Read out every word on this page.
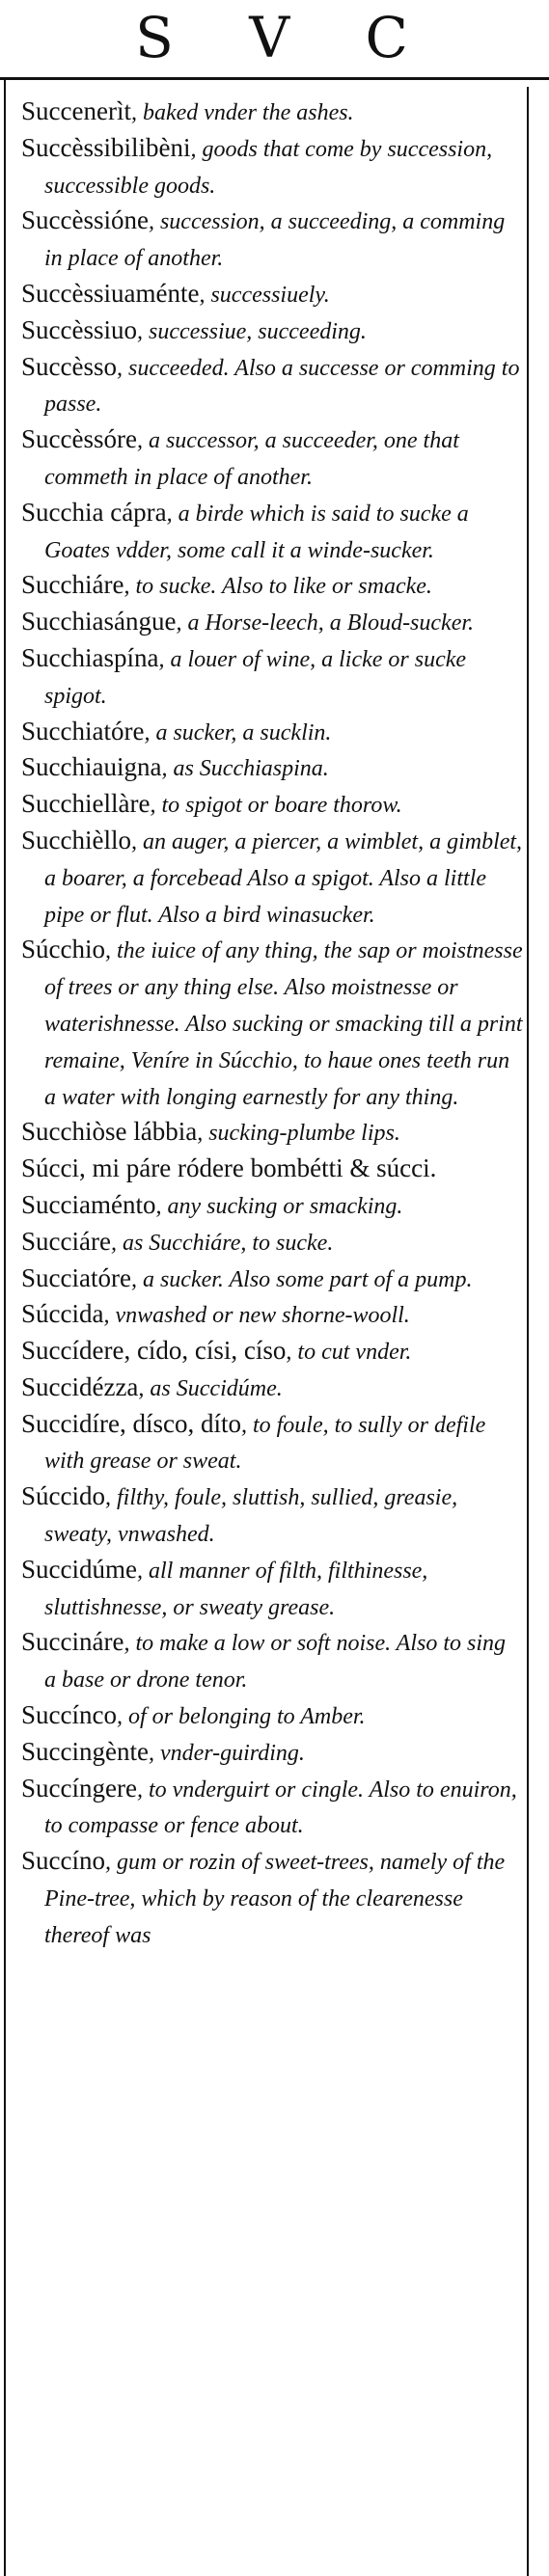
S V C

Succenerìt, baked vnder the ashes.

Succèssibilibèni, goods that come by succession, successible goods.

Succèssióne, succession, a succeeding, a comming in place of another.

Succèssiuaménte, successiuely.

Succèssiuo, successiue, succeeding.

Succèsso, succeeded. Also a successe or comming to passe.

Succèssóre, a successor, a succeeder, one that commeth in place of another.

Succhia cápra, a birde which is said to sucke a Goates vdder, some call it a winde-sucker.

Succhiáre, to sucke. Also to like or smacke.

Succhiasángue, a Horse-leech, a Bloud-sucker.

Succhiaspína, a louer of wine, a licke or sucke spigot.

Succhiatóre, a sucker, a sucklin.

Succhiauigna, as Succhiaspina.

Succhiellàre, to spigot or boare thorow.

Succhièllo, an auger, a piercer, a wimblet, a gimblet, a boarer, a forcebead Also a spigot. Also a little pipe or flut. Also a bird winasucker.

Súcchio, the iuice of any thing, the sap or moistnesse of trees or any thing else. Also moistnesse or waterishnesse. Also sucking or smacking till a print remaine, Veníre in Súcchio, to haue ones teeth run a water with longing earnestly for any thing.

Succhiòse lábbia, sucking-plumbe lips.

Súcci, mi páre ródere bombétti & súcci.

Succiaménto, any sucking or smacking.

Succiáre, as Succhiáre, to sucke.

Succiatóre, a sucker. Also some part of a pump.

Súccida, vnwashed or new shorne-wooll.

Succídere, cído, císi, císo, to cut vnder.

Succidézza, as Succidúme.

Succidíre, dísco, díto, to foule, to sully or defile with grease or sweat.

Súccido, filthy, foule, sluttish, sullied, greasie, sweaty, vnwashed.

Succidúme, all manner of filth, filthinesse, sluttishnesse, or sweaty grease.

Succináre, to make a low or soft noise. Also to sing a base or drone tenor.

Succínco, of or belonging to Amber.

Succingènte, vnder-guirding.

Succíngere, to vnderguirt or cingle. Also to enuiron, to compasse or fence about.

Succíno, gum or rozin of sweet-trees, namely of the Pine-tree, which by reason of the clearenesse thereof was
